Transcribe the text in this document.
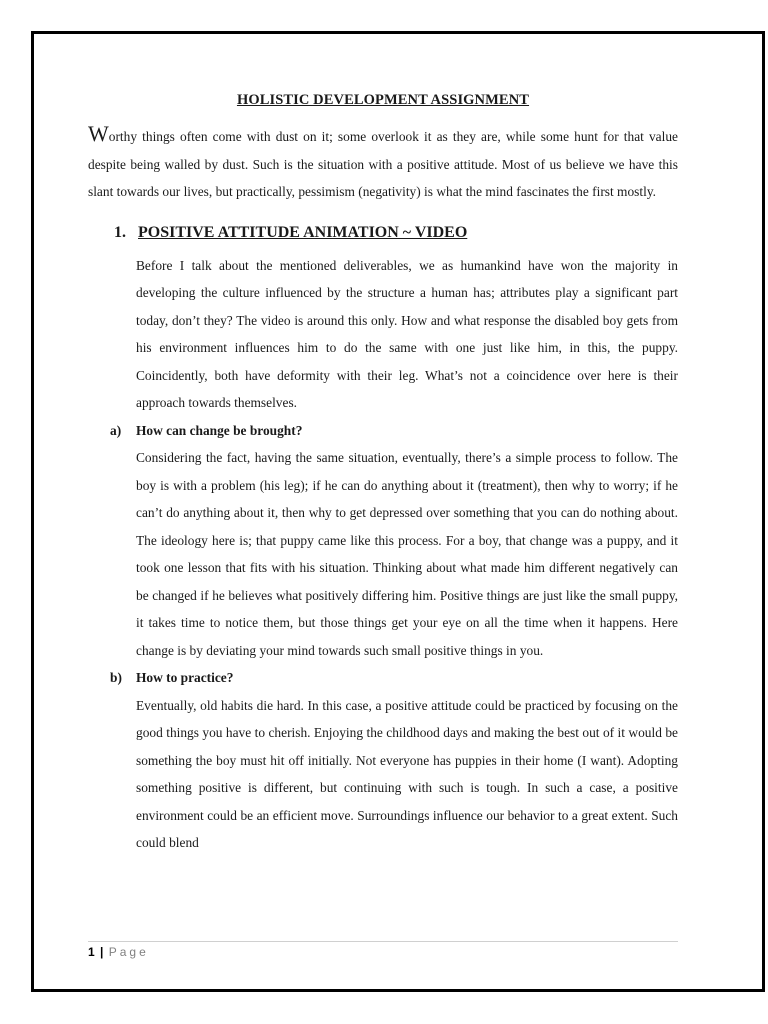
HOLISTIC DEVELOPMENT ASSIGNMENT

Worthy things often come with dust on it; some overlook it as they are, while some hunt for that value despite being walled by dust. Such is the situation with a positive attitude. Most of us believe we have this slant towards our lives, but practically, pessimism (negativity) is what the mind fascinates the first mostly.

1. POSITIVE ATTITUDE ANIMATION ~ VIDEO

Before I talk about the mentioned deliverables, we as humankind have won the majority in developing the culture influenced by the structure a human has; attributes play a significant part today, don’t they? The video is around this only. How and what response the disabled boy gets from his environment influences him to do the same with one just like him, in this, the puppy. Coincidently, both have deformity with their leg. What’s not a coincidence over here is their approach towards themselves.

a) How can change be brought?

Considering the fact, having the same situation, eventually, there’s a simple process to follow. The boy is with a problem (his leg); if he can do anything about it (treatment), then why to worry; if he can’t do anything about it, then why to get depressed over something that you can do nothing about. The ideology here is; that puppy came like this process. For a boy, that change was a puppy, and it took one lesson that fits with his situation. Thinking about what made him different negatively can be changed if he believes what positively differing him. Positive things are just like the small puppy, it takes time to notice them, but those things get your eye on all the time when it happens. Here change is by deviating your mind towards such small positive things in you.

b) How to practice?

Eventually, old habits die hard. In this case, a positive attitude could be practiced by focusing on the good things you have to cherish. Enjoying the childhood days and making the best out of it would be something the boy must hit off initially. Not everyone has puppies in their home (I want). Adopting something positive is different, but continuing with such is tough. In such a case, a positive environment could be an efficient move. Surroundings influence our behavior to a great extent. Such could blend

1 | Page
